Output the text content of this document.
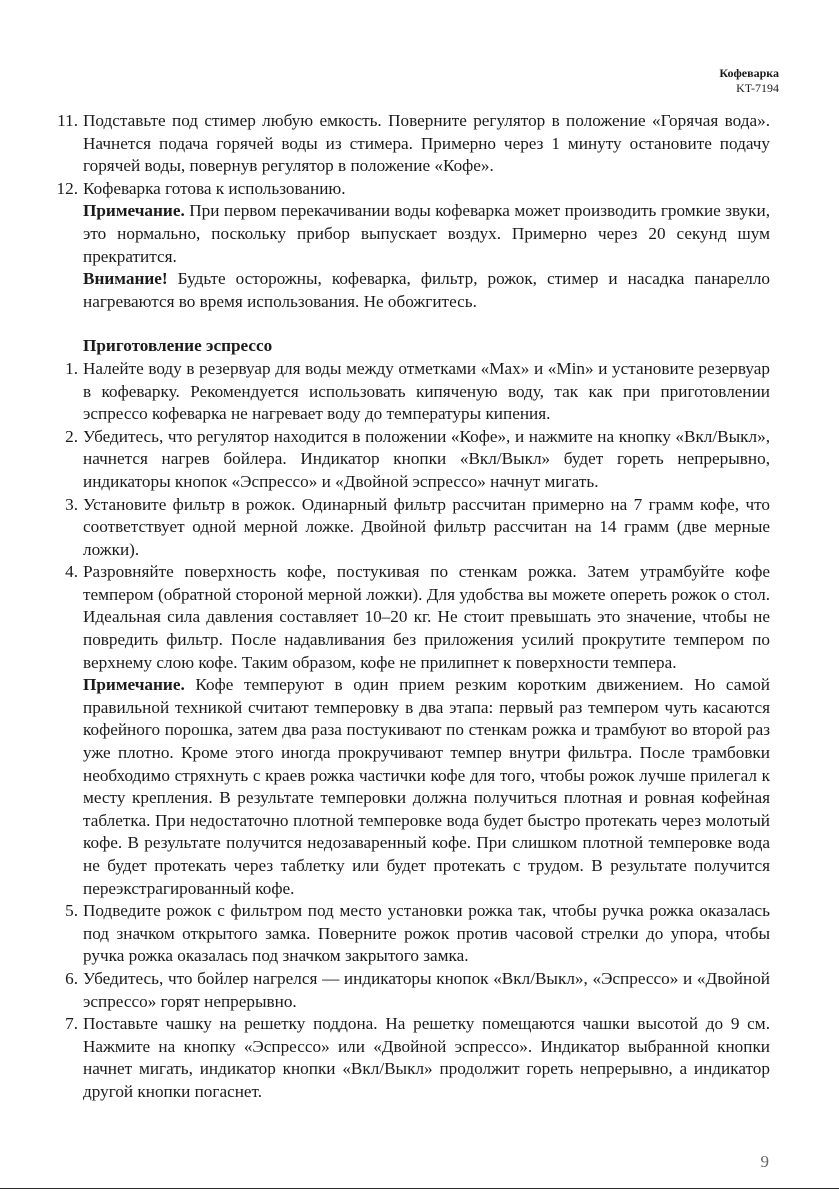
Кофеварка
KT-7194
11. Подставьте под стимер любую емкость. Поверните регулятор в положение «Горячая вода». Начнется подача горячей воды из стимера. Примерно через 1 минуту остановите подачу горячей воды, повернув регулятор в положение «Кофе».
12. Кофеварка готова к использованию.
Примечание. При первом перекачивании воды кофеварка может производить громкие звуки, это нормально, поскольку прибор выпускает воздух. Примерно через 20 секунд шум прекратится.
Внимание! Будьте осторожны, кофеварка, фильтр, рожок, стимер и насадка панарелло нагреваются во время использования. Не обожгитесь.
Приготовление эспрессо
1. Налейте воду в резервуар для воды между отметками «Max» и «Min» и установите резервуар в кофеварку. Рекомендуется использовать кипяченую воду, так как при приготовлении эспрессо кофеварка не нагревает воду до температуры кипения.
2. Убедитесь, что регулятор находится в положении «Кофе», и нажмите на кнопку «Вкл/Выкл», начнется нагрев бойлера. Индикатор кнопки «Вкл/Выкл» будет гореть непрерывно, индикаторы кнопок «Эспрессо» и «Двойной эспрессо» начнут мигать.
3. Установите фильтр в рожок. Одинарный фильтр рассчитан примерно на 7 грамм кофе, что соответствует одной мерной ложке. Двойной фильтр рассчитан на 14 грамм (две мерные ложки).
4. Разровняйте поверхность кофе, постукивая по стенкам рожка. Затем утрамбуйте кофе темпером (обратной стороной мерной ложки). Для удобства вы можете опереть рожок о стол. Идеальная сила давления составляет 10–20 кг. Не стоит превышать это значение, чтобы не повредить фильтр. После надавливания без приложения усилий прокрутите темпером по верхнему слою кофе. Таким образом, кофе не прилипнет к поверхности темпера.
Примечание. Кофе темперуют в один прием резким коротким движением. Но самой правильной техникой считают темперовку в два этапа: первый раз темпером чуть касаются кофейного порошка, затем два раза постукивают по стенкам рожка и трамбуют во второй раз уже плотно. Кроме этого иногда прокручивают темпер внутри фильтра. После трамбовки необходимо стряхнуть с краев рожка частички кофе для того, чтобы рожок лучше прилегал к месту крепления. В результате темперовки должна получиться плотная и ровная кофейная таблетка. При недостаточно плотной темперовке вода будет быстро протекать через молотый кофе. В результате получится недозаваренный кофе. При слишком плотной темперовке вода не будет протекать через таблетку или будет протекать с трудом. В результате получится переэкстрагированный кофе.
5. Подведите рожок с фильтром под место установки рожка так, чтобы ручка рожка оказалась под значком открытого замка. Поверните рожок против часовой стрелки до упора, чтобы ручка рожка оказалась под значком закрытого замка.
6. Убедитесь, что бойлер нагрелся — индикаторы кнопок «Вкл/Выкл», «Эспрессо» и «Двойной эспрессо» горят непрерывно.
7. Поставьте чашку на решетку поддона. На решетку помещаются чашки высотой до 9 см. Нажмите на кнопку «Эспрессо» или «Двойной эспрессо». Индикатор выбранной кнопки начнет мигать, индикатор кнопки «Вкл/Выкл» продолжит гореть непрерывно, а индикатор другой кнопки погаснет.
9
